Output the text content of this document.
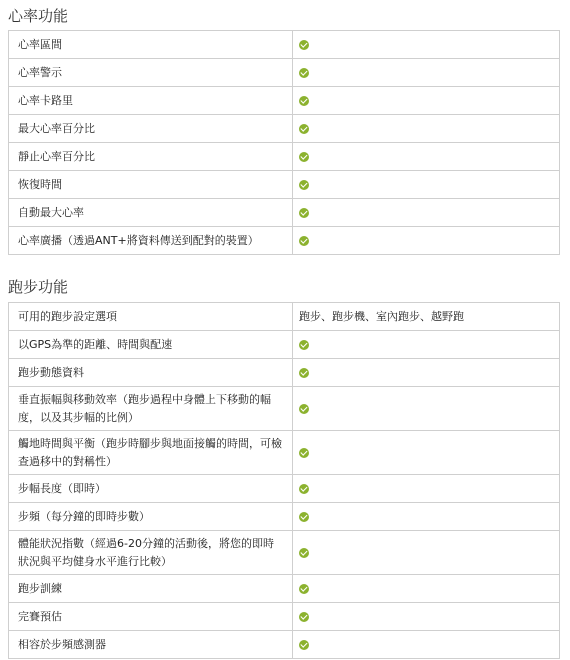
心率功能
心率區間	
心率警示	
心率卡路里	
最大心率百分比	
靜止心率百分比	
恢復時間	
自動最大心率	
心率廣播（透過ANT+將資料傳送到配對的裝置）	
跑步功能
可用的跑步設定選項	跑步、跑步機、室內跑步、越野跑
以GPS為準的距離、時間與配速	
跑步動態資料	
垂直振幅與移動效率（跑步過程中身體上下移動的幅度，以及其步幅的比例）	
觸地時間與平衡（跑步時腳步與地面接觸的時間，可檢查過移中的對稱性）	
步幅長度（即時）	
步頻（每分鐘的即時步數）	
體能狀況指數（經過6-20分鐘的活動後，將您的即時狀況與平均健身水平進行比較）	
跑步訓練	
完賽預估	
相容於步頻感測器	
